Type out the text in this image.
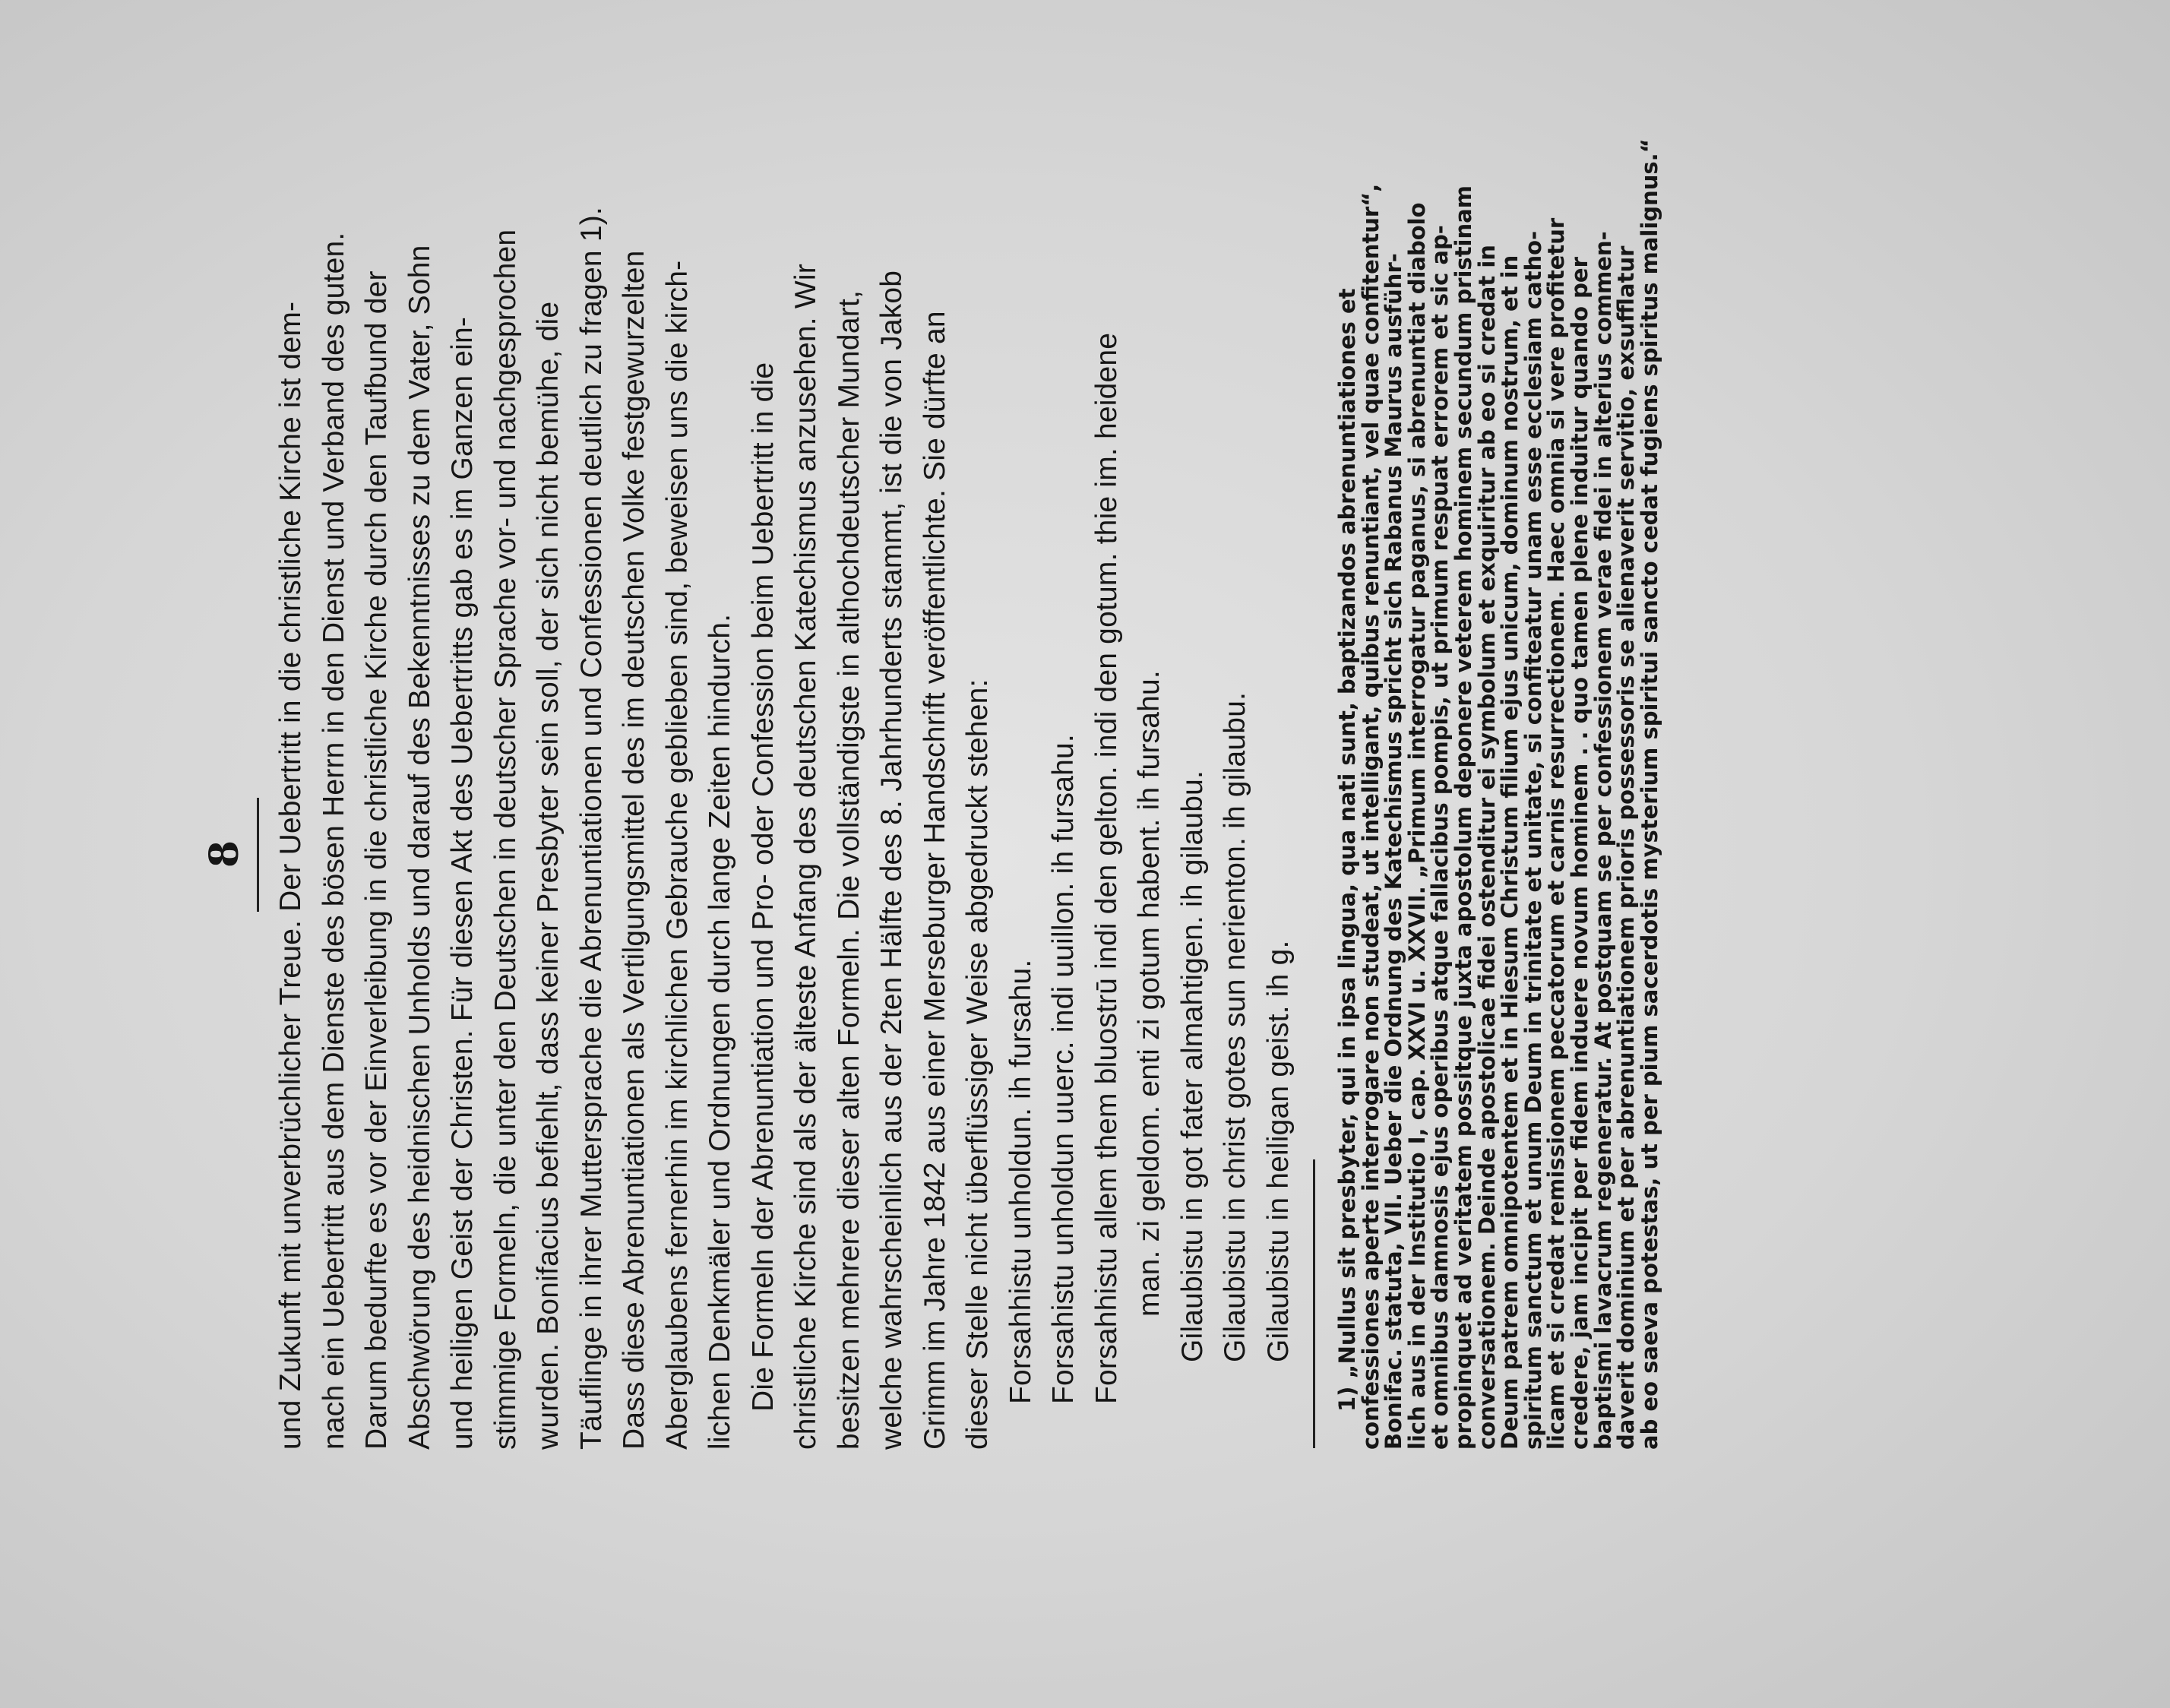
8 und Zukunft mit unverbrüchlicher Treue. Der Uebertritt in die christliche Kirche ist dem- nach ein Uebertritt aus dem Dienste des bösen Herrn in den Dienst und Verband des guten. Darum bedurfte es vor der Einverleibung in die christliche Kirche durch den Taufbund der Abschwörung des heidnischen Unholds und darauf des Bekenntnisses zu dem Vater, Sohn und heiligen Geist der Christen. Für diesen Akt des Uebertritts gab es im Ganzen ein- stimmige Formeln, die unter den Deutschen in deutscher Sprache vor- und nachgesprochen wurden. Bonifacius befiehlt, dass keiner Presbyter sein soll, der sich nicht bemühe, die Täuflinge in ihrer Muttersprache die Abrenuntiationen und Confessionen deutlich zu fragen 1). Dass diese Abrenuntiationen als Vertilgungsmittel des im deutschen Volke festgewurzelten Aberglaubens fernerhin im kirchlichen Gebrauche geblieben sind, beweisen uns die kirch- lichen Denkmäler und Ordnungen durch lange Zeiten hindurch. Die Formeln der Abrenuntiation und Pro- oder Confession beim Uebertritt in die christliche Kirche sind als der älteste Anfang des deutschen Katechismus anzusehen. Wir besitzen mehrere dieser alten Formeln. Die vollständigste in althochdeutscher Mundart, welche wahrscheinlich aus der 2ten Hälfte des 8. Jahrhunderts stammt, ist die von Jakob Grimm im Jahre 1842 aus einer Merseburger Handschrift veröffentlichte. Sie dürfte an dieser Stelle nicht überflüssiger Weise abgedruckt stehen: Forsahhistu unholdun. ih fursahu. Forsahistu unholdun uuerc. indi uuillon. ih fursahu. Forsahhistu allem them bluostrū indi den gelton. indi den gotum. thie im. heidene man. zi geldom. enti zi gotum habent. ih fursahu. Gilaubistu in got fater almahtigen. ih gilaubu. Gilaubistu in christ gotes sun nerienton. ih gilaubu. Gilaubistu in heiligan geist. ih g. 1) „Nullus sit presbyter, qui in ipsa lingua, qua nati sunt, baptizandos abrenuntiationes et
confessiones aperte interrogare non studeat, ut intelligant, quibus renuntiant, vel quae confitentur“,
Bonifac. statuta, VII. Ueber die Ordnung des Katechismus spricht sich Rabanus Maurus ausführ-
lich aus in der Institutio I, cap. XXVI u. XXVII. „Primum interrogatur paganus, si abrenuntiat diabolo
et omnibus damnosis ejus operibus atque fallacibus pompis, ut primum respuat errorem et sic ap-
propinquet ad veritatem possitque juxta apostolum deponere veterem hominem secundum pristinam
conversationem. Deinde apostolicae fidei ostenditur ei symbolum et exquiritur ab eo si credat in
Deum patrem omnipotentem et in Hiesum Christum filium ejus unicum, dominum nostrum, et in
spiritum sanctum et unum Deum in trinitate et unitate, si confiteatur unam esse ecclesiam catho-
licam et si credat remissionem peccatorum et carnis resurrectionem. Haec omnia si vere profitetur
credere, jam incipit per fidem induere novum hominem . . quo tamen plene induitur quando per
baptismi lavacrum regeneratur. At postquam se per confessionem verae fidei in alterius commen-
daverit dominium et per abrenuntiationem prioris possessoris se alienaverit servitio, exsufflatur
ab eo saeva potestas, ut per pium sacerdotis mysterium spiritui sancto cedat fugiens spiritus malignus.“
